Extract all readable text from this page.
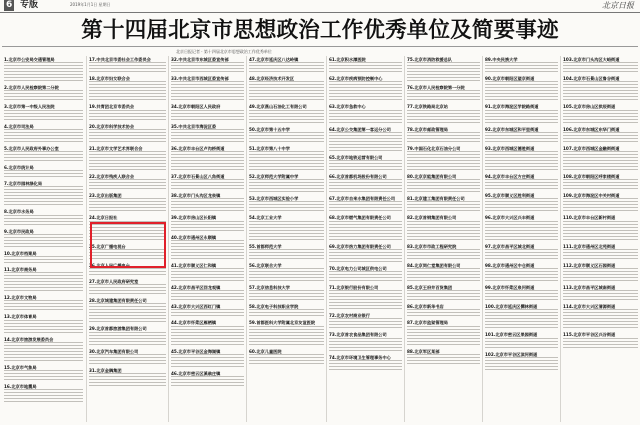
6 专版	2019年1月1日 星期日	北京日报
第十四届北京市思想政治工作优秀单位及简要事迹
北京日报记者 · 第十四届北京市思想政治工作优秀单位
1.北京市公安局交通管理局
2.北京市人民检察院第二分院
3.北京市第一中级人民法院
4.北京市司法局
5.北京市人民政府外事办公室
6.北京市统计局
7.北京市园林绿化局
8.北京市水务局
9.北京市民政局
10.北京市档案局
11.北京市商务局
12.北京市文物局
13.北京市体育局
14.北京市旅游发展委员会
15.北京市气象局
16.北京市地震局
17.中共北京市委社会工作委员会
18.北京市妇女联合会
19.共青团北京市委员会
20.北京市科学技术协会
21.北京市文学艺术界联合会
22.北京市残疾人联合会
23.北京出版集团
24.北京日报社
25.北京广播电视台
26.北京人民广播电台
27.北京市人民政府研究室
28.北京城建集团有限责任公司
29.北京首都旅游集团有限公司
30.北京汽车集团有限公司
31.北京金隅集团
32.中共北京市东城区委宣传部
33.中共北京市西城区委宣传部
34.北京市朝阳区人民政府
35.中共北京市海淀区委
36.北京市丰台区卢沟桥街道
37.北京市石景山区八角街道
38.北京市门头沟区龙泉镇
39.北京市房山区长阳镇
40.北京市通州区永顺镇
41.北京市顺义区仁和镇
42.北京市昌平区回龙观镇
43.北京市大兴区西红门镇
44.北京市怀柔区雁栖镇
45.北京市平谷区金海湖镇
46.北京市密云区溪翁庄镇
47.北京市延庆区八达岭镇
48.北京经济技术开发区
49.北京燕山石油化工有限公司
50.北京市第十五中学
51.北京市第八十中学
52.北京师范大学附属中学
53.北京市西城区实验小学
54.北京工业大学
55.首都师范大学
56.北京联合大学
57.北京信息科技大学
58.北京电子科技职业学院
59.首都医科大学附属北京友谊医院
60.北京儿童医院
61.北京积水潭医院
62.北京市疾病预防控制中心
63.北京市急救中心
64.北京公交集团第一客运分公司
65.北京市地铁运营有限公司
66.北京首都机场股份有限公司
67.北京市自来水集团有限责任公司
68.北京市燃气集团有限责任公司
69.北京市热力集团有限责任公司
70.北京电力公司城区供电公司
71.北京银行股份有限公司
72.北京农村商业银行
73.北京首农食品集团有限公司
74.北京市环境卫生管理事务中心
75.北京市消防救援总队
76.北京市人民检察院第一分院
77.北京铁路局北京站
78.北京市邮政管理局
79.中国石化北京石油分公司
80.北京京能集团有限公司
81.北京建工集团有限责任公司
82.北京首钢集团有限公司
83.北京市市政工程研究院
84.北京同仁堂集团有限公司
85.北京王府井百货集团
86.北京市新华书店
87.北京市监狱管理局
88.北京军区某部
89.中央民族大学
90.北京市朝阳区望京街道
91.北京市海淀区学院路街道
92.北京市东城区和平里街道
93.北京市西城区德胜街道
94.北京市丰台区方庄街道
95.北京市顺义区胜利街道
96.北京市大兴区兴丰街道
97.北京市昌平区城北街道
98.北京市通州区中仓街道
99.北京市怀柔区泉河街道
100.北京市延庆区儒林街道
101.北京市密云区果园街道
102.北京市平谷区滨河街道
103.北京市门头沟区大峪街道
104.北京市石景山区鲁谷街道
105.北京市房山区拱辰街道
106.北京市东城区东华门街道
107.北京市西城区金融街街道
108.北京市朝阳区呼家楼街道
109.北京市海淀区中关村街道
110.北京市丰台区新村街道
111.北京市通州区北苑街道
112.北京市顺义区石园街道
113.北京市昌平区城南街道
114.北京市大兴区清源街道
115.北京市平谷区兴谷街道
